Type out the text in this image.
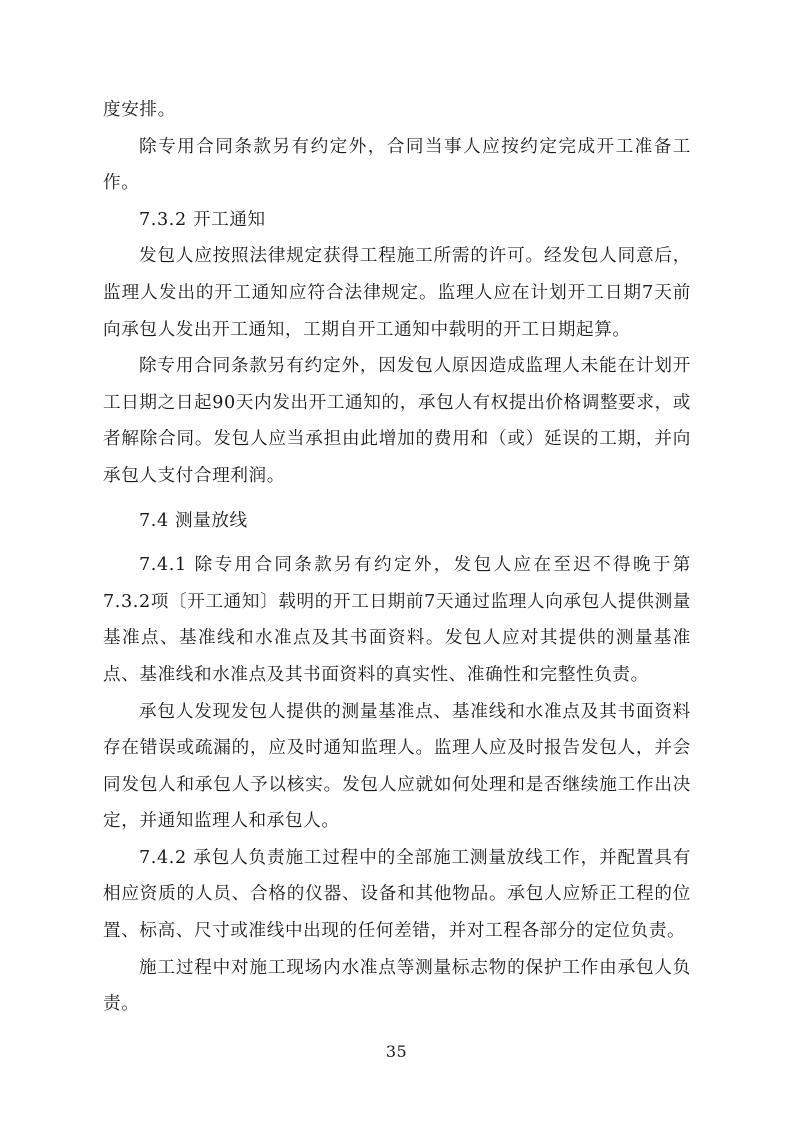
度安排。

除专用合同条款另有约定外，合同当事人应按约定完成开工准备工作。

7.3.2 开工通知

发包人应按照法律规定获得工程施工所需的许可。经发包人同意后，监理人发出的开工通知应符合法律规定。监理人应在计划开工日期7天前向承包人发出开工通知，工期自开工通知中载明的开工日期起算。

除专用合同条款另有约定外，因发包人原因造成监理人未能在计划开工日期之日起90天内发出开工通知的，承包人有权提出价格调整要求，或者解除合同。发包人应当承担由此增加的费用和（或）延误的工期，并向承包人支付合理利润。

7.4 测量放线

7.4.1 除专用合同条款另有约定外，发包人应在至迟不得晚于第7.3.2项〔开工通知〕载明的开工日期前7天通过监理人向承包人提供测量基准点、基准线和水准点及其书面资料。发包人应对其提供的测量基准点、基准线和水准点及其书面资料的真实性、准确性和完整性负责。

承包人发现发包人提供的测量基准点、基准线和水准点及其书面资料存在错误或疏漏的，应及时通知监理人。监理人应及时报告发包人，并会同发包人和承包人予以核实。发包人应就如何处理和是否继续施工作出决定，并通知监理人和承包人。

7.4.2 承包人负责施工过程中的全部施工测量放线工作，并配置具有相应资质的人员、合格的仪器、设备和其他物品。承包人应矫正工程的位置、标高、尺寸或准线中出现的任何差错，并对工程各部分的定位负责。

施工过程中对施工现场内水准点等测量标志物的保护工作由承包人负责。

35
